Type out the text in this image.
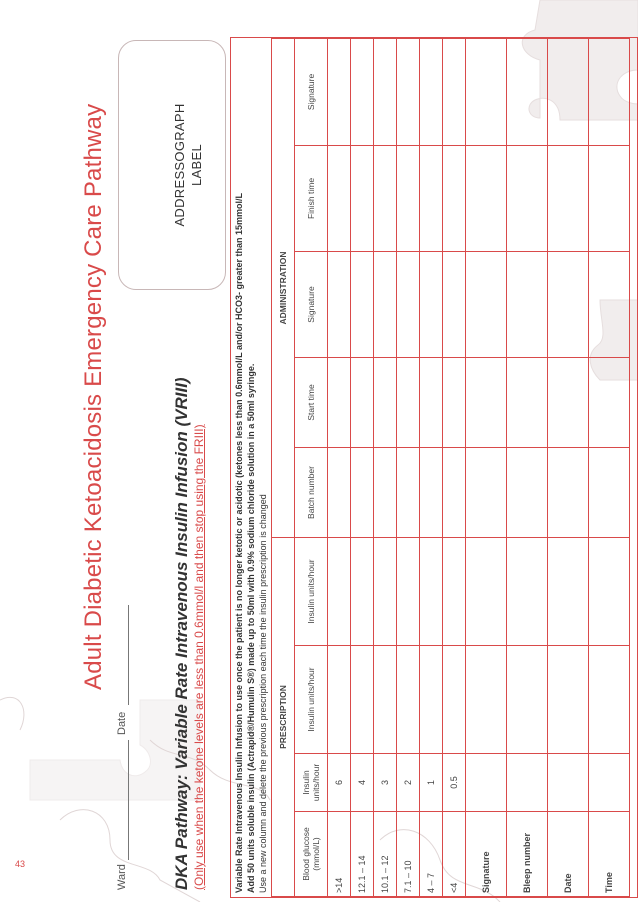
Adult Diabetic Ketoacidosis Emergency Care Pathway
Ward
Date
ADDRESSOGRAPH LABEL
DKA Pathway: Variable Rate Intravenous Insulin Infusion (VRIII) (Only use when the ketone levels are less than 0.6mmol/l and then stop using the FRIII)	Variable Rate Intravenous Insulin Infusion to use once the patient is no longer ketotic or acidotic (ketones less than 0.6mmol/L and/or HCO3- greater than 15mmol/L Add 50 units soluble insulin (Actrapid®/Humulin S®) made up to 50ml with 0.9% sodium chloride solution in a 50ml syringe. Use a new column and delete the previous prescription each time the insulin prescription is changed PRESCRIPTION				ADMINISTRATION				
Blood glucose (mmol/L)	Insulin units/hour	Insulin units/hour	Insulin units/hour	Batch number	Start time	Signature	Finish time	Signature
>14	6							
12.1 – 14	4							
10.1 – 12	3							
7.1 – 10	2							
4 – 7	1							
<4	0.5							
Signature								
Bleep number								
Date								
Time								
43
